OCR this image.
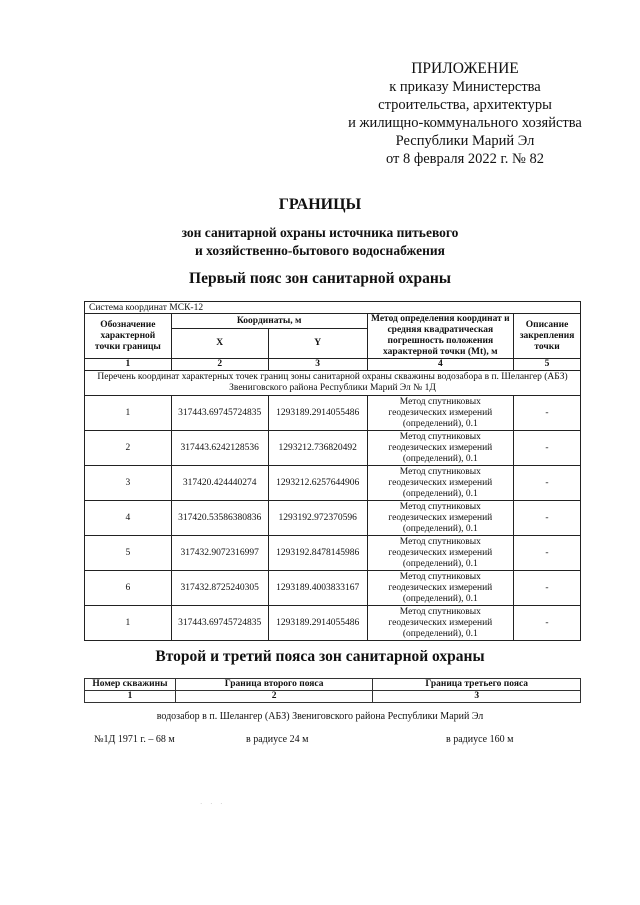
ПРИЛОЖЕНИЕ
к приказу Министерства
строительства, архитектуры
и жилищно-коммунального хозяйства
Республики Марий Эл
от 8 февраля 2022 г. № 82
ГРАНИЦЫ
зон санитарной охраны источника питьевого
и хозяйственно-бытового водоснабжения
Первый пояс зон санитарной охраны
Система координат МСК-12				
Обозначение характерной точки границы	Координаты, м		Метод определения координат и средняя квадратическая погрешность положения характерной точки (Mt), м	Описание закрепления точки
	X	Y		
1	2	3	4	5
Перечень координат характерных точек границ зоны санитарной охраны скважины водозабора в п. Шелангер (АБЗ) Звениговского района Республики Марий Эл № 1Д				
1	317443.69745724835	1293189.2914055486	Метод спутниковых геодезических измерений (определений), 0.1	-
2	317443.6242128536	1293212.736820492	Метод спутниковых геодезических измерений (определений), 0.1	-
3	317420.424440274	1293212.6257644906	Метод спутниковых геодезических измерений (определений), 0.1	-
4	317420.53586380836	1293192.972370596	Метод спутниковых геодезических измерений (определений), 0.1	-
5	317432.9072316997	1293192.8478145986	Метод спутниковых геодезических измерений (определений), 0.1	-
6	317432.8725240305	1293189.4003833167	Метод спутниковых геодезических измерений (определений), 0.1	-
1	317443.69745724835	1293189.2914055486	Метод спутниковых геодезических измерений (определений), 0.1	-
Второй и третий пояса зон санитарной охраны
Номер скважины	Граница второго пояса	Граница третьего пояса
1	2	3
водозабор в п. Шелангер (АБЗ) Звениговского района Республики Марий Эл
№1Д 1971 г. – 68 м	в радиусе 24 м	в радиусе 160 м
· · ·
